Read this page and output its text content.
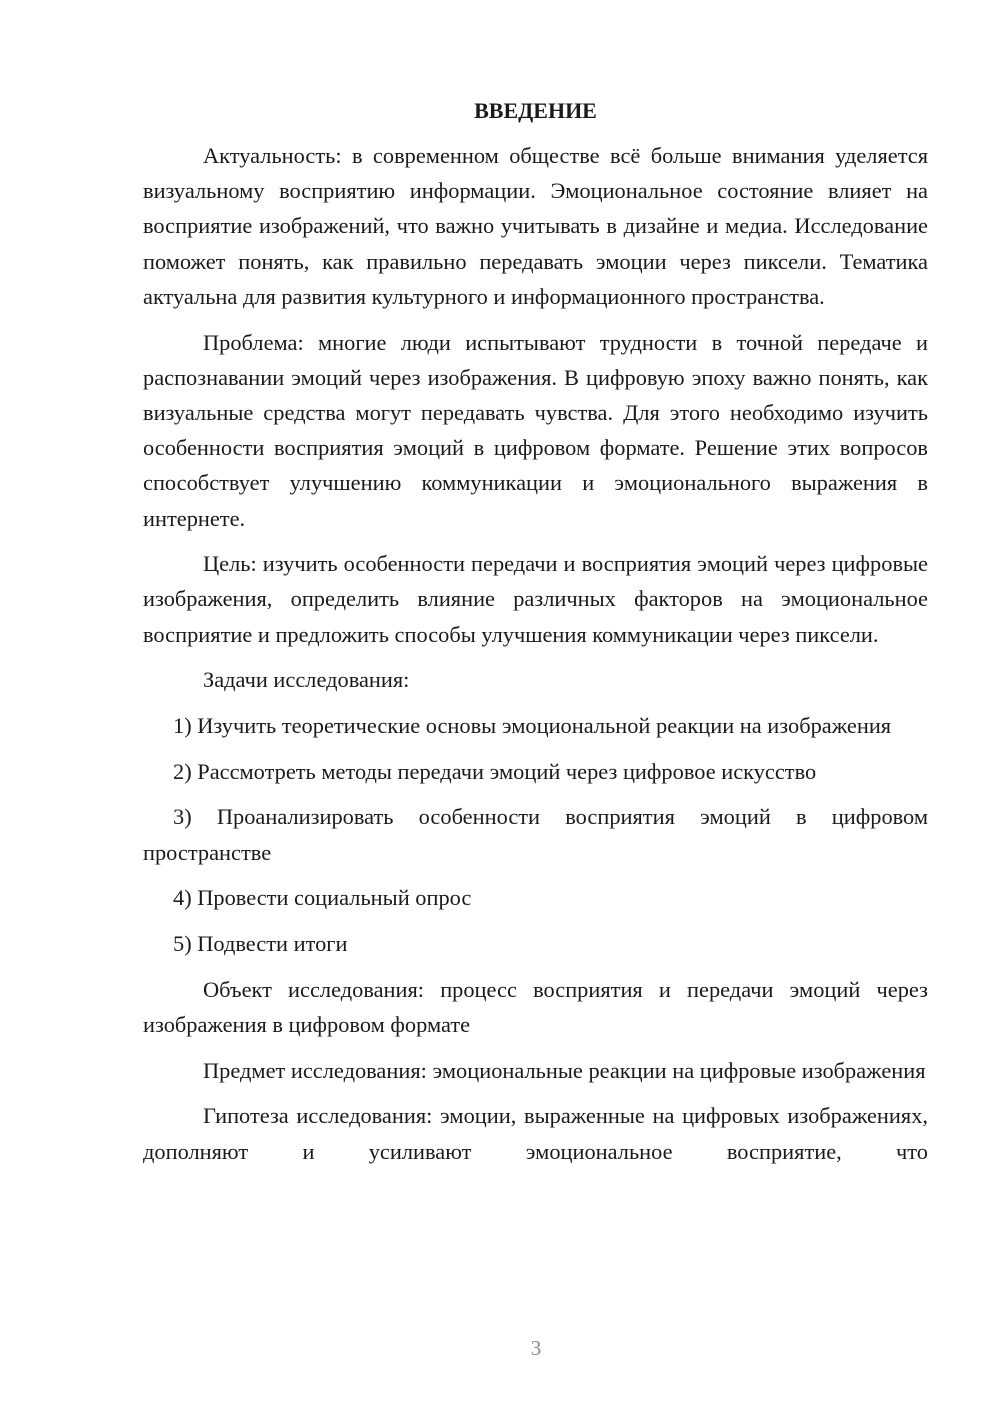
ВВЕДЕНИЕ

Актуальность: в современном обществе всё больше внимания уделяется визуальному восприятию информации. Эмоциональное состояние влияет на восприятие изображений, что важно учитывать в дизайне и медиа. Исследование поможет понять, как правильно передавать эмоции через пиксели. Тематика актуальна для развития культурного и информационного пространства.

Проблема: многие люди испытывают трудности в точной передаче и распознавании эмоций через изображения. В цифровую эпоху важно понять, как визуальные средства могут передавать чувства. Для этого необходимо изучить особенности восприятия эмоций в цифровом формате. Решение этих вопросов способствует улучшению коммуникации и эмоционального выражения в интернете.

Цель: изучить особенности передачи и восприятия эмоций через цифровые изображения, определить влияние различных факторов на эмоциональное восприятие и предложить способы улучшения коммуникации через пиксели.

Задачи исследования:

1) Изучить теоретические основы эмоциональной реакции на изображения

2) Рассмотреть методы передачи эмоций через цифровое искусство

3) Проанализировать особенности восприятия эмоций в цифровом пространстве

4) Провести социальный опрос

5) Подвести итоги

Объект исследования: процесс восприятия и передачи эмоций через изображения в цифровом формате

Предмет исследования: эмоциональные реакции на цифровые изображения

Гипотеза исследования: эмоции, выраженные на цифровых изображениях, дополняют и усиливают эмоциональное восприятие, что

3
